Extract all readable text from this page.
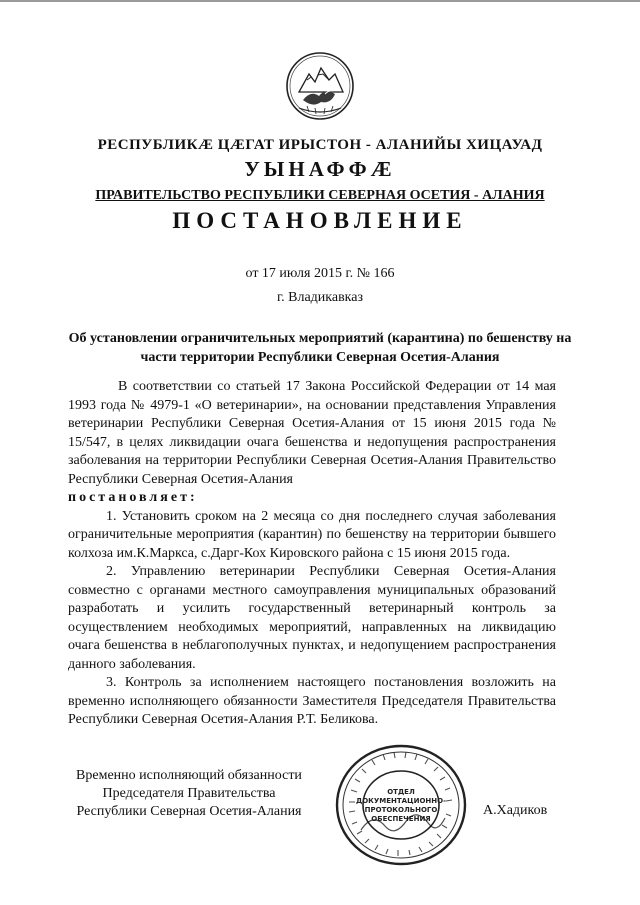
РЕСПУБЛИКӔ ЦӔГАТ ИРЫСТОН - АЛАНИЙЫ ХИЦАУАД
УЫНАФФӔ
ПРАВИТЕЛЬСТВО РЕСПУБЛИКИ СЕВЕРНАЯ ОСЕТИЯ - АЛАНИЯ
ПОСТАНОВЛЕНИЕ
от 17 июля 2015 г. № 166
г. Владикавказ
Об установлении ограничительных мероприятий (карантина) по бешенству на части территории Республики Северная Осетия-Алания

В соответствии со статьей 17 Закона Российской Федерации от 14 мая 1993 года № 4979-1 «О ветеринарии», на основании представления Управления ветеринарии Республики Северная Осетия-Алания от 15 июня 2015 года № 15/547, в целях ликвидации очага бешенства и недопущения распространения заболевания на территории Республики Северная Осетия-Алания Правительство Республики Северная Осетия-Алания

постановляет:

1. Установить сроком на 2 месяца со дня последнего случая заболевания ограничительные мероприятия (карантин) по бешенству на территории бывшего колхоза им.К.Маркса, с.Дарг-Кох Кировского района с 15 июня 2015 года.

2. Управлению ветеринарии Республики Северная Осетия-Алания совместно с органами местного самоуправления муниципальных образований разработать и усилить государственный ветеринарный контроль за осуществлением необходимых мероприятий, направленных на ликвидацию очага бешенства в неблагополучных пунктах, и недопущением распространения данного заболевания.

3. Контроль за исполнением настоящего постановления возложить на временно исполняющего обязанности Заместителя Председателя Правительства Республики Северная Осетия-Алания Р.Т. Беликова.

Временно исполняющий обязанности
Председателя Правительства
Республики Северная Осетия-Алания
ОТДЕЛ
ДОКУМЕНТАЦИОННО-
ПРОТОКОЛЬНОГО
ОБЕСПЕЧЕНИЯ
А.Хадиков
